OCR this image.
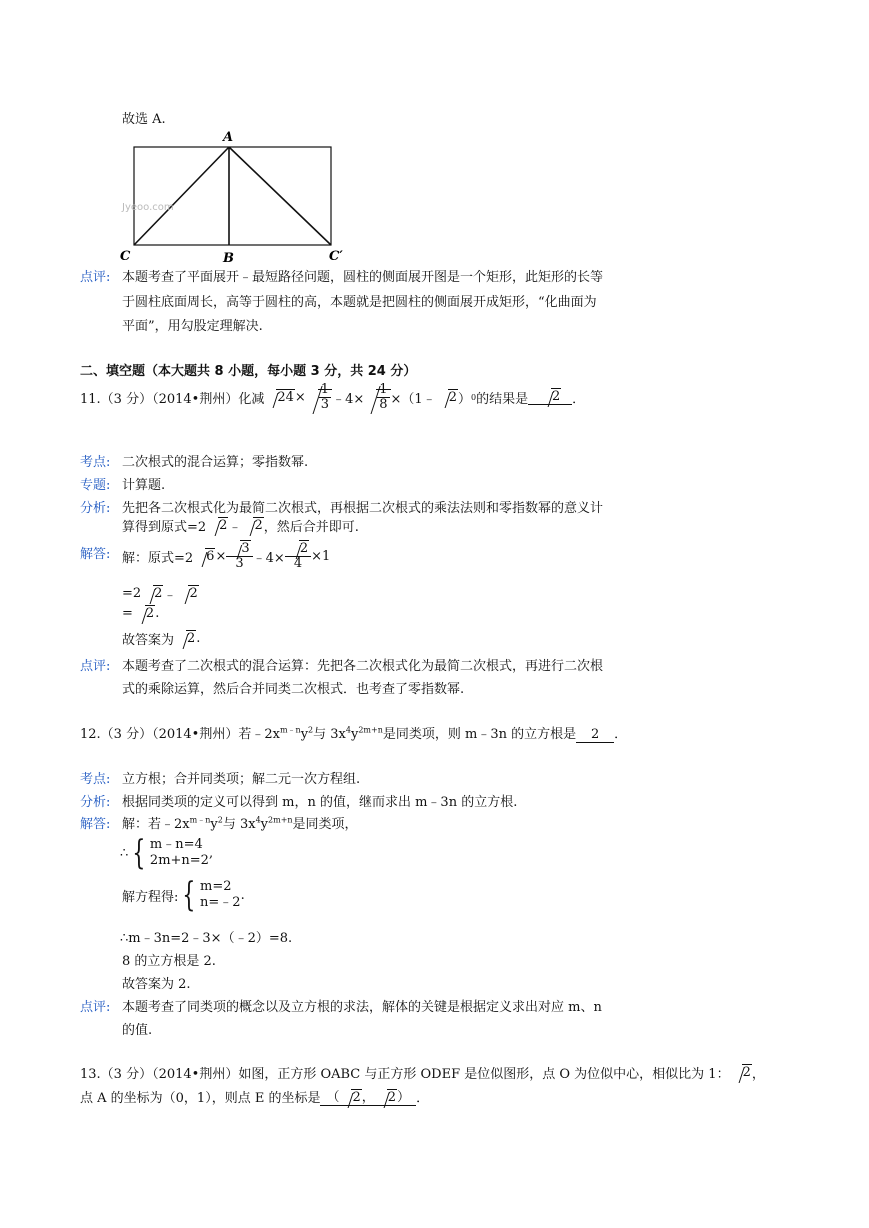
故选 A.
A
B
C	C′
Jyeoo.com
点评: 本题考查了平面展开﹣最短路径问题，圆柱的侧面展开图是一个矩形，此矩形的长等
于圆柱底面周长，高等于圆柱的高，本题就是把圆柱的侧面展开成矩形，“化曲面为
平面”，用勾股定理解决.
二、填空题（本大题共 8 小题，每小题 3 分，共 24 分）
11.（3 分）（2014•荆州）化减	$24 \times \frac{1}{3}$ ﹣4× $\frac{1}{8}$ ×（1﹣	2 ） 0 的结果是	2 ．
考点: 二次根式的混合运算；零指数幂.
专题: 计算题.
分析: 先把各二次根式化为最简二次根式，再根据二次根式的乘法法则和零指数幂的意义计
算得到原式=2	2 ﹣	2 ，然后合并即可.
解答: 解：原式=2	$6 \times \frac{3}{3}$ ﹣4× $\frac{2}{4} \times 1$
=2	2 ﹣	2
=	2 .
故答案为	2 .
点评: 本题考查了二次根式的混合运算：先把各二次根式化为最简二次根式，再进行二次根
式的乘除运算，然后合并同类二次根式．也考查了零指数幂.
12.（3 分）（2014•荆州）若$﹣2x^{m﹣n}y^2$与 $3x^4y^{2m+n}$是同类项，则 m﹣3n 的立方根是 2 ．
考点: 立方根；合并同类项；解二元一次方程组.
分析: 根据同类项的定义可以得到 m，n 的值，继而求出 m﹣3n 的立方根.
解答: 解：若$﹣2x^{m﹣n}y^2$与 $3x^4y^{2m+n}$是同类项，
∴ { m﹣n=4
2m+n=2 ,
解方程得: { m=2
n=﹣2 .
∴m﹣3n=2﹣3×（﹣2）=8.
8 的立方根是 2.
故答案为 2.
点评: 本题考查了同类项的概念以及立方根的求法，解体的关键是根据定义求出对应 m、n
的值.
13.（3 分）（2014•荆州）如图，正方形 OABC 与正方形 ODEF 是位似图形，点 O 为位似中心，相似比为 1：	2 ，
点 A 的坐标为（0，1），则点 E 的坐标是 （ 2， 2） ．
